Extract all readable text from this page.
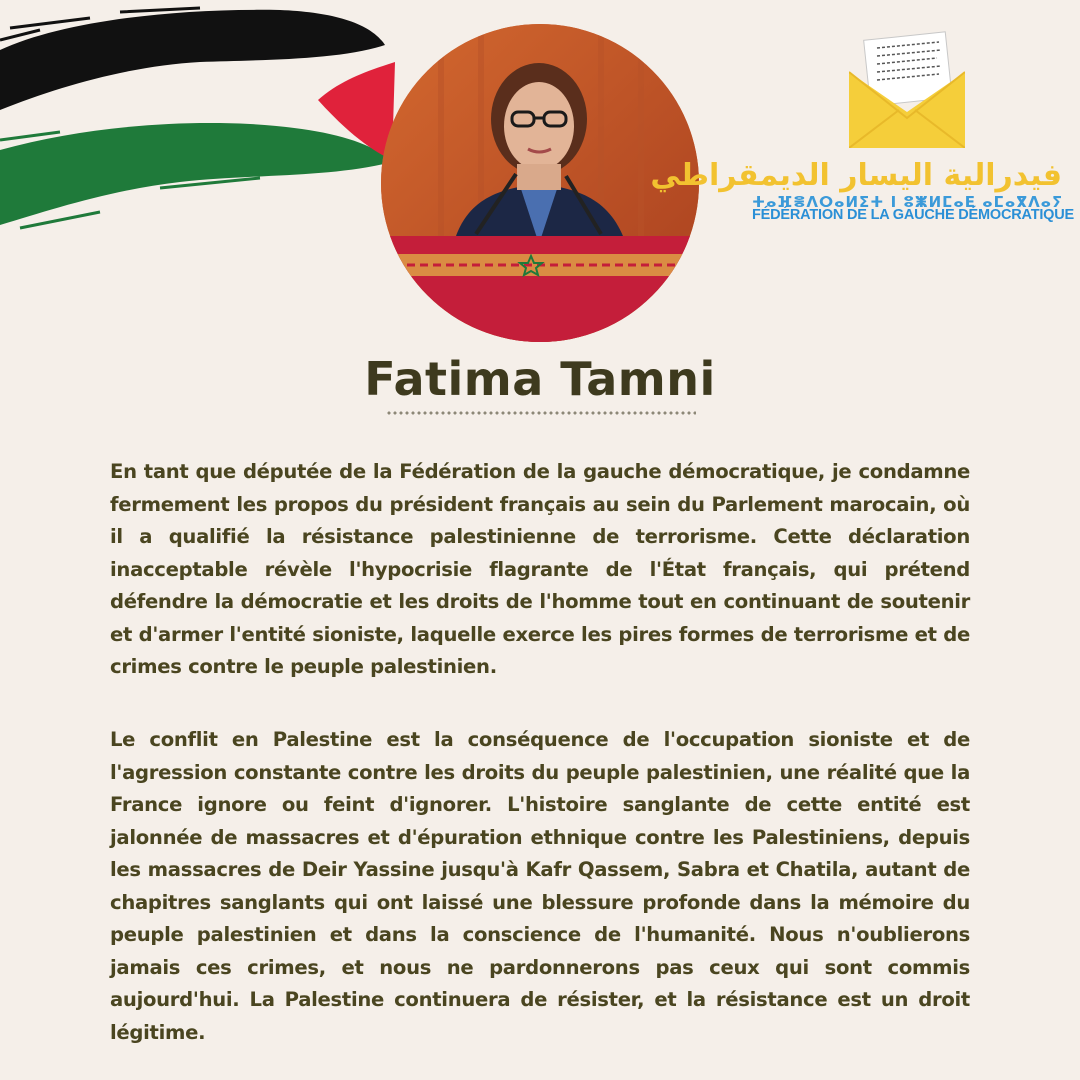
فيدرالية اليسار الديمقراطي
ⵜⴰⴼⴻⴷⵔⴰⵍⵉⵜ ⵏ ⵓⵥⵍⵎⴰⴹ ⴰⵎⴰⴳⴷⴰⵢ
FÉDÉRATION DE LA GAUCHE DÉMOCRATIQUE
Fatima Tamni

En tant que députée de la Fédération de la gauche démocratique, je condamne fermement les propos du président français au sein du Parlement marocain, où il a qualifié la résistance palestinienne de terrorisme. Cette déclaration inacceptable révèle l'hypocrisie flagrante de l'État français, qui prétend défendre la démocratie et les droits de l'homme tout en continuant de soutenir et d'armer l'entité sioniste, laquelle exerce les pires formes de terrorisme et de crimes contre le peuple palestinien.

Le conflit en Palestine est la conséquence de l'occupation sioniste et de l'agression constante contre les droits du peuple palestinien, une réalité que la France ignore ou feint d'ignorer. L'histoire sanglante de cette entité est jalonnée de massacres et d'épuration ethnique contre les Palestiniens, depuis les massacres de Deir Yassine jusqu'à Kafr Qassem, Sabra et Chatila, autant de chapitres sanglants qui ont laissé une blessure profonde dans la mémoire du peuple palestinien et dans la conscience de l'humanité. Nous n'oublierons jamais ces crimes, et nous ne pardonnerons pas ceux qui sont commis aujourd'hui. La Palestine continuera de résister, et la résistance est un droit légitime.
